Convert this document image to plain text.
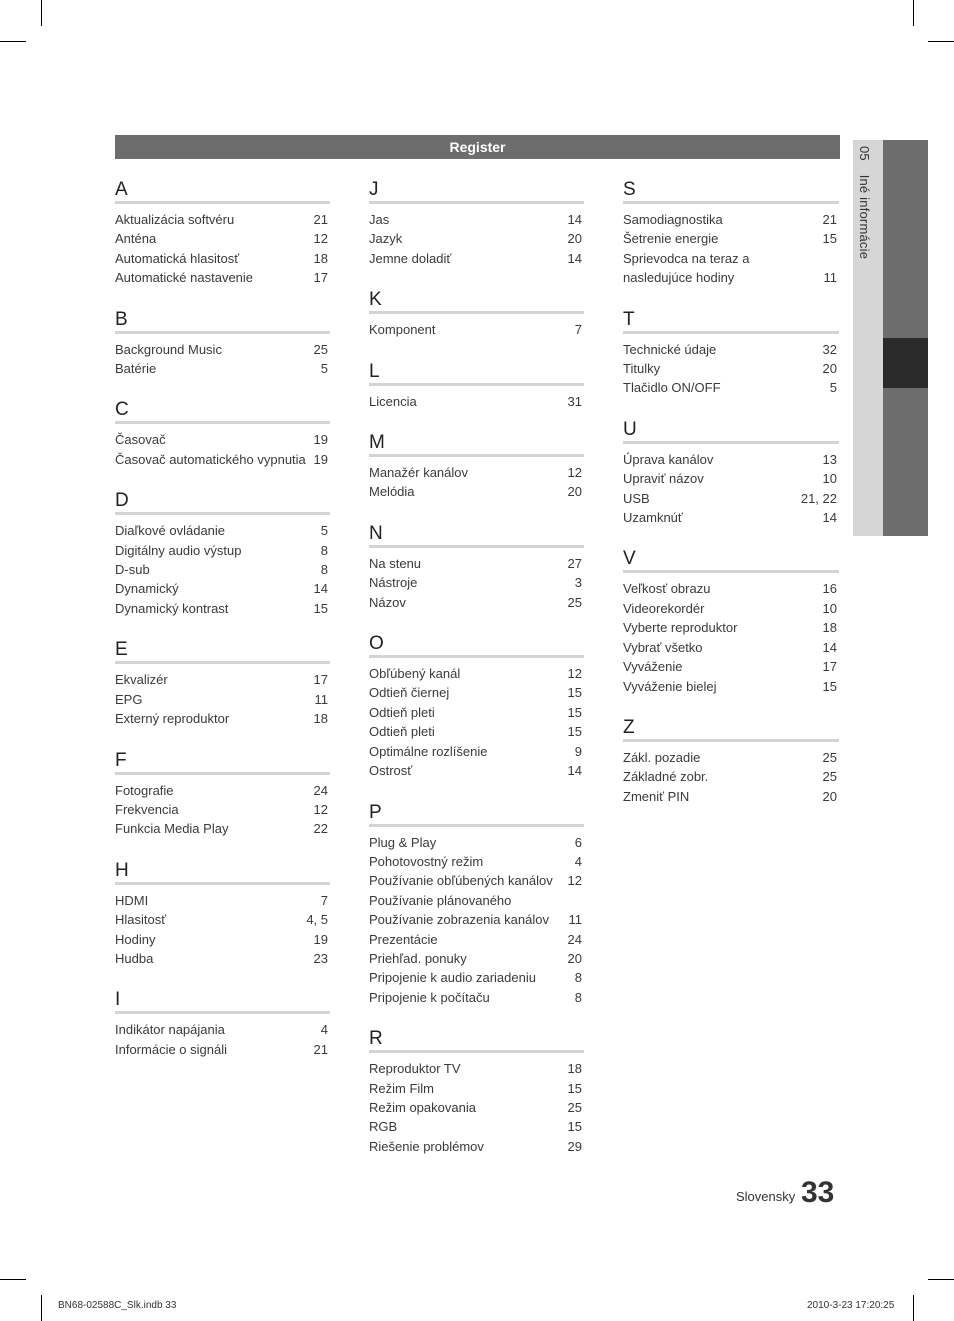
Register	05 Iné informácie
A
Aktualizácia softvéru	21
Anténa	12
Automatická hlasitosť	18
Automatické nastavenie	17
B
Background Music	25
Batérie	5
C
Časovač	19
Časovač automatického vypnutia 19
D
Diaľkové ovládanie	5
Digitálny audio výstup	8
D-sub	8
Dynamický	14
Dynamický kontrast	15
E
Ekvalizér	17
EPG	11
Externý reproduktor	18
F
Fotografie	24
Frekvencia	12
Funkcia Media Play	22
H
HDMI	7
Hlasitosť	4, 5
Hodiny	19
Hudba	23
I
Indikátor napájania	4
Informácie o signáli	21
J
Jas	14
Jazyk	20
Jemne doladiť	14
K
Komponent	7
L
Licencia	31
M
Manažér kanálov	12
Melódia	20
N
Na stenu	27
Nástroje	3
Názov	25
O
Obľúbený kanál	12
Odtieň čiernej	15
Odtieň pleti	15
Odtieň pleti	15
Optimálne rozlíšenie	9
Ostrosť	14
P
Plug & Play	6
Pohotovostný režim	4
Používanie obľúbených kanálov	12
Používanie plánovaného
Používanie zobrazenia kanálov	11
Prezentácie	24
Priehľad. ponuky	20
Pripojenie k audio zariadeniu	8
Pripojenie k počítaču	8
R
Reproduktor TV	18
Režim Film	15
Režim opakovania	25
RGB	15
Riešenie problémov	29
S
Samodiagnostika	21
Šetrenie energie	15
Sprievodca na teraz a
nasledujúce hodiny	11
T
Technické údaje	32
Titulky	20
Tlačidlo ON/OFF	5
U
Úprava kanálov	13
Upraviť názov	10
USB	21, 22
Uzamknúť	14
V
Veľkosť obrazu	16
Videorekordér	10
Vyberte reproduktor	18
Vybrať všetko	14
Vyváženie	17
Vyváženie bielej	15
Z
Zákl. pozadie	25
Základné zobr.	25
Zmeniť PIN	20
Slovensky 33
BN68-02588C_Slk.indb 33	2010-3-23 17:20:25
